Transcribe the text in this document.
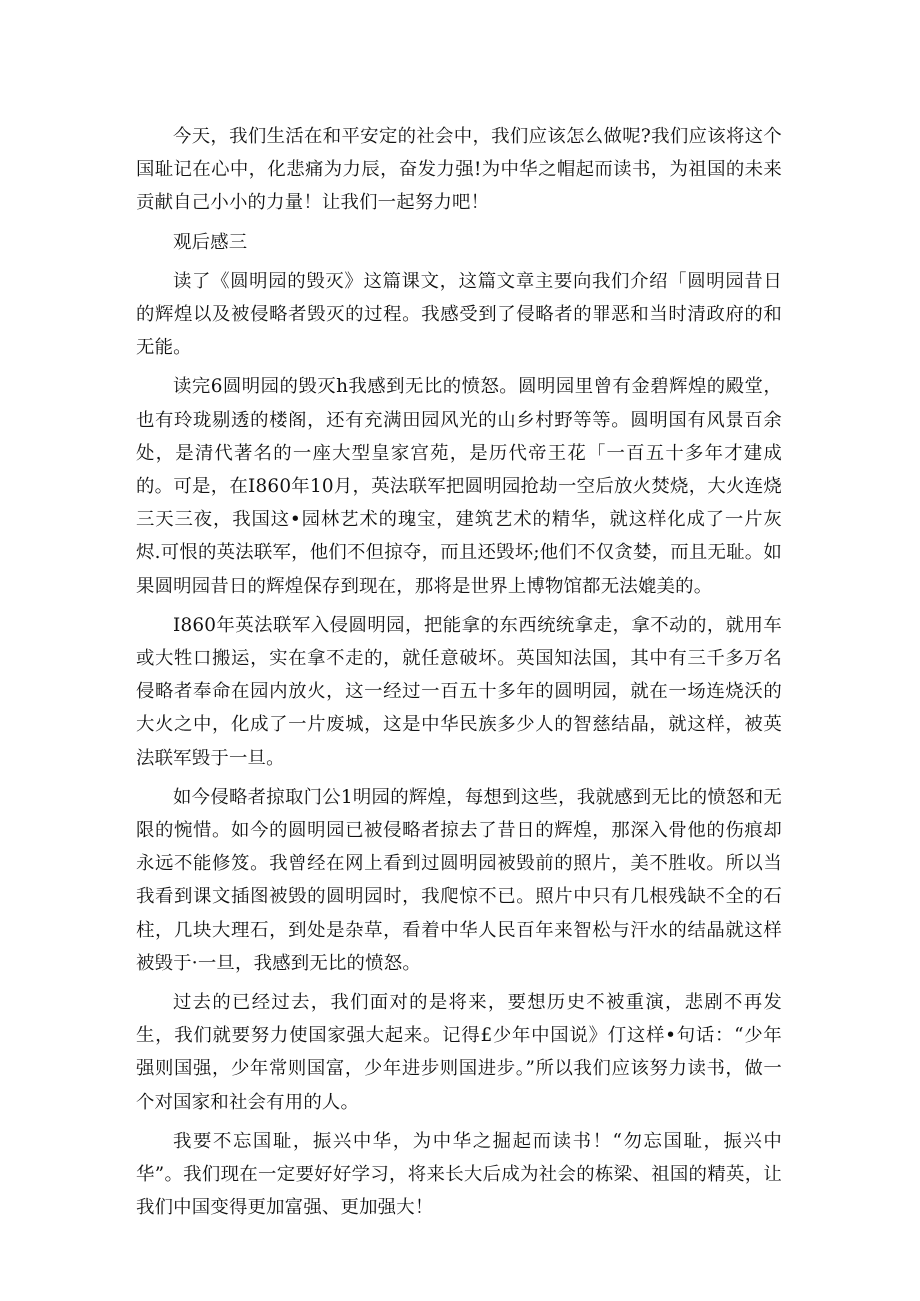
今天，我们生活在和平安定的社会中，我们应该怎么做呢?我们应该将这个国耻记在心中，化悲痛为力辰，奋发力强!为中华之帽起而读书，为祖国的未来贡献自己小小的力量！让我们一起努力吧！

观后感三

读了《圆明园的毁灭》这篇课文，这篇文章主要向我们介绍「圆明园昔日的辉煌以及被侵略者毁灭的过程。我感受到了侵略者的罪恶和当时清政府的和无能。

读完6圆明园的毁灭h我感到无比的愤怒。圆明园里曾有金碧辉煌的殿堂，也有玲珑剔透的楼阁，还有充满田园风光的山乡村野等等。圆明国有风景百余处，是清代著名的一座大型皇家宫苑，是历代帝王花「一百五十多年才建成的。可是，在I860年10月，英法联军把圆明园抢劫一空后放火焚烧，大火连烧三天三夜，我国这•园林艺术的瑰宝，建筑艺术的精华，就这样化成了一片灰烬.可恨的英法联军，他们不但掠夺，而且还毁坏;他们不仅贪婪，而且无耻。如果圆明园昔日的辉煌保存到现在，那将是世界上博物馆都无法媲美的。

I860年英法联军入侵圆明园，把能拿的东西统统拿走，拿不动的，就用车或大牲口搬运，实在拿不走的，就任意破坏。英国知法国，其中有三千多万名侵略者奉命在园内放火，这一经过一百五十多年的圆明园，就在一场连烧沃的大火之中，化成了一片废城，这是中华民族多少人的智慈结晶，就这样，被英法联军毁于一旦。

如今侵略者掠取门公1明园的辉煌，每想到这些，我就感到无比的愤怒和无限的惋惜。如今的圆明园已被侵略者掠去了昔日的辉煌，那深入骨他的伤痕却永远不能修笈。我曾经在网上看到过圆明园被毁前的照片，美不胜收。所以当我看到课文插图被毁的圆明园时，我爬惊不已。照片中只有几根残缺不全的石柱，几块大理石，到处是杂草，看着中华人民百年来智松与汗水的结晶就这样被毁于·一旦，我感到无比的愤怒。

过去的已经过去，我们面对的是将来，要想历史不被重演，悲剧不再发生，我们就要努力使国家强大起来。记得£少年中国说》仃这样•句话：“少年强则国强，少年常则国富，少年进步则国进步。”所以我们应该努力读书，做一个对国家和社会有用的人。

我要不忘国耻，振兴中华，为中华之掘起而读书！“勿忘国耻，振兴中华”。我们现在一定要好好学习，将来长大后成为社会的栋梁、祖国的精英，让我们中国变得更加富强、更加强大！
